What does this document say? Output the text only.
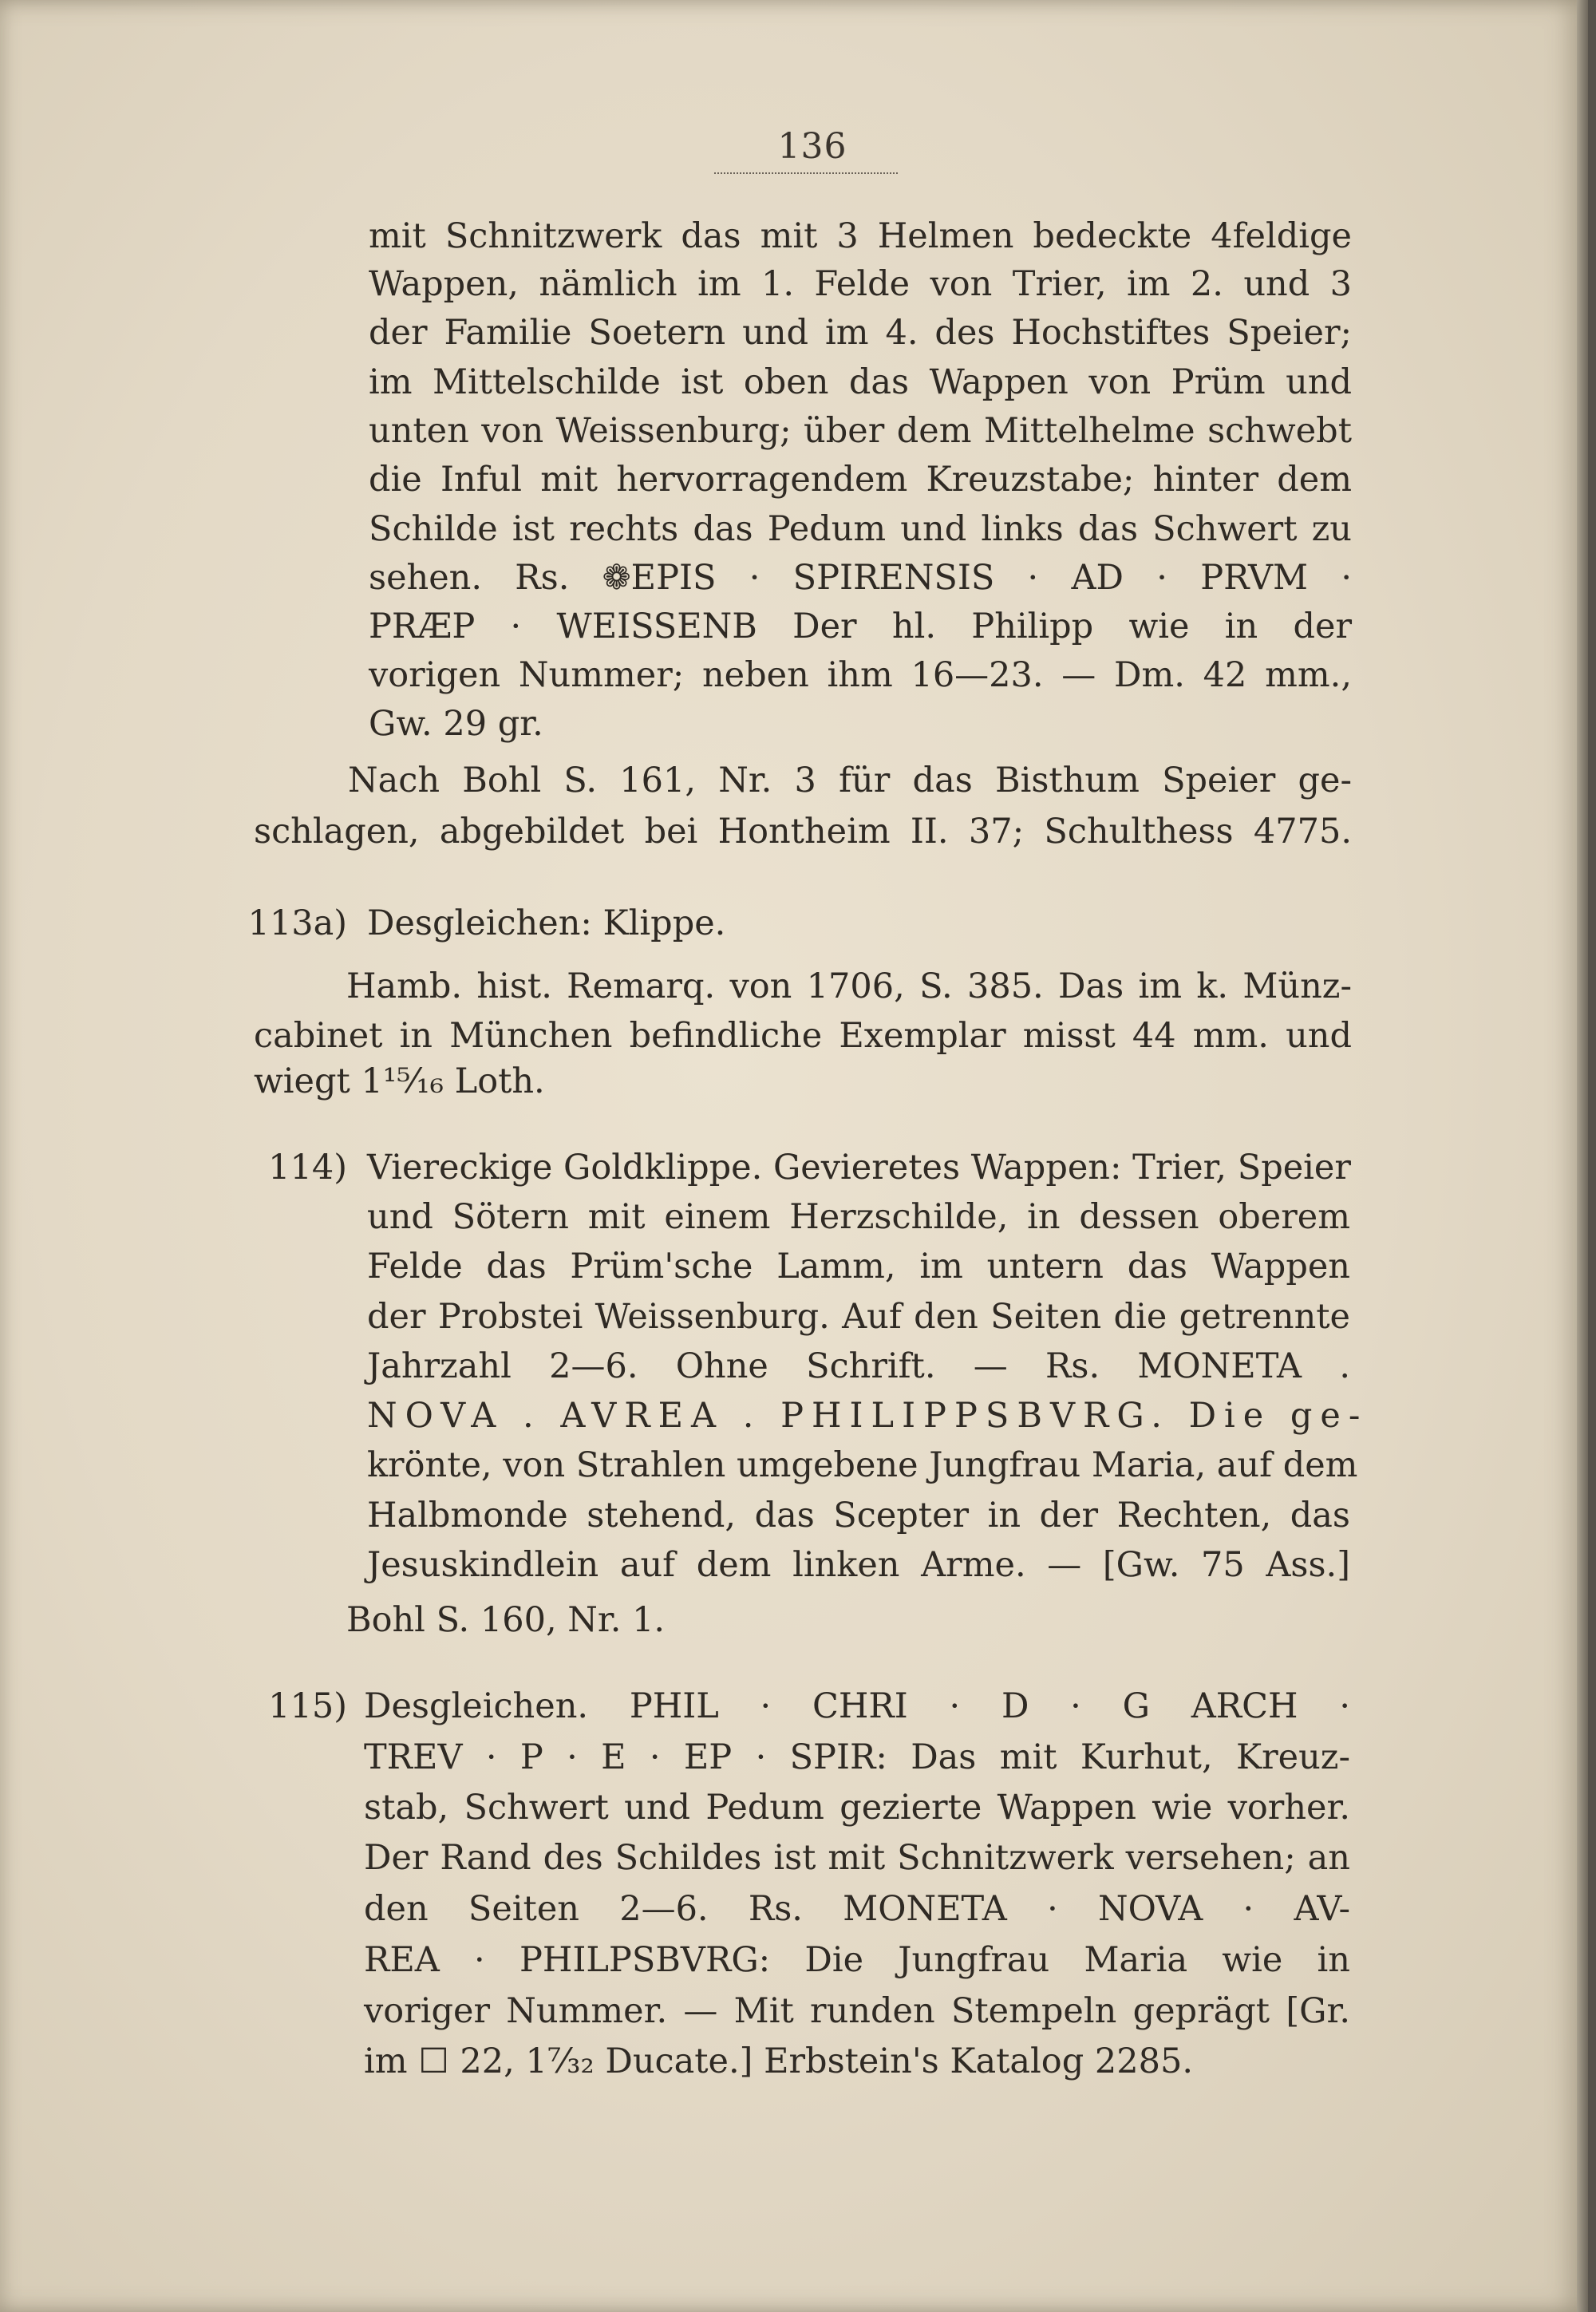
136
mit Schnitzwerk das mit 3 Helmen bedeckte 4feldige
Wappen, nämlich im 1. Felde von Trier, im 2. und 3
der Familie Soetern und im 4. des Hochstiftes Speier;
im Mittelschilde ist oben das Wappen von Prüm und
unten von Weissenburg; über dem Mittelhelme schwebt
die Inful mit hervorragendem Kreuzstabe; hinter dem
Schilde ist rechts das Pedum und links das Schwert zu
sehen. Rs. ❁EPIS · SPIRENSIS · AD · PRVM ·
PRÆP · WEISSENB Der hl. Philipp wie in der
vorigen Nummer; neben ihm 16—23. — Dm. 42 mm.,
Gw. 29 gr.
Nach Bohl S. 161, Nr. 3 für das Bisthum Speier ge-
schlagen, abgebildet bei Hontheim II. 37; Schulthess 4775.
113a) Desgleichen: Klippe.
Hamb. hist. Remarq. von 1706, S. 385. Das im k. Münz-
cabinet in München befindliche Exemplar misst 44 mm. und
wiegt 1¹⁵⁄₁₆ Loth.
114) Viereckige Goldklippe. Gevieretes Wappen: Trier, Speier
und Sötern mit einem Herzschilde, in dessen oberem
Felde das Prüm'sche Lamm, im untern das Wappen
der Probstei Weissenburg. Auf den Seiten die getrennte
Jahrzahl 2—6. Ohne Schrift. — Rs. MONETA .
NOVA . AVREA . PHILIPPSBVRG. Die ge-
krönte, von Strahlen umgebene Jungfrau Maria, auf dem
Halbmonde stehend, das Scepter in der Rechten, das
Jesuskindlein auf dem linken Arme. — [Gw. 75 Ass.]
Bohl S. 160, Nr. 1.
115) Desgleichen. PHIL · CHRI · D · G ARCH ·
TREV · P · E · EP · SPIR: Das mit Kurhut, Kreuz-
stab, Schwert und Pedum gezierte Wappen wie vorher.
Der Rand des Schildes ist mit Schnitzwerk versehen; an
den Seiten 2—6. Rs. MONETA · NOVA · AV-
REA · PHILPSBVRG: Die Jungfrau Maria wie in
voriger Nummer. — Mit runden Stempeln geprägt [Gr.
im ☐ 22, 1⁷⁄₃₂ Ducate.] Erbstein's Katalog 2285.
